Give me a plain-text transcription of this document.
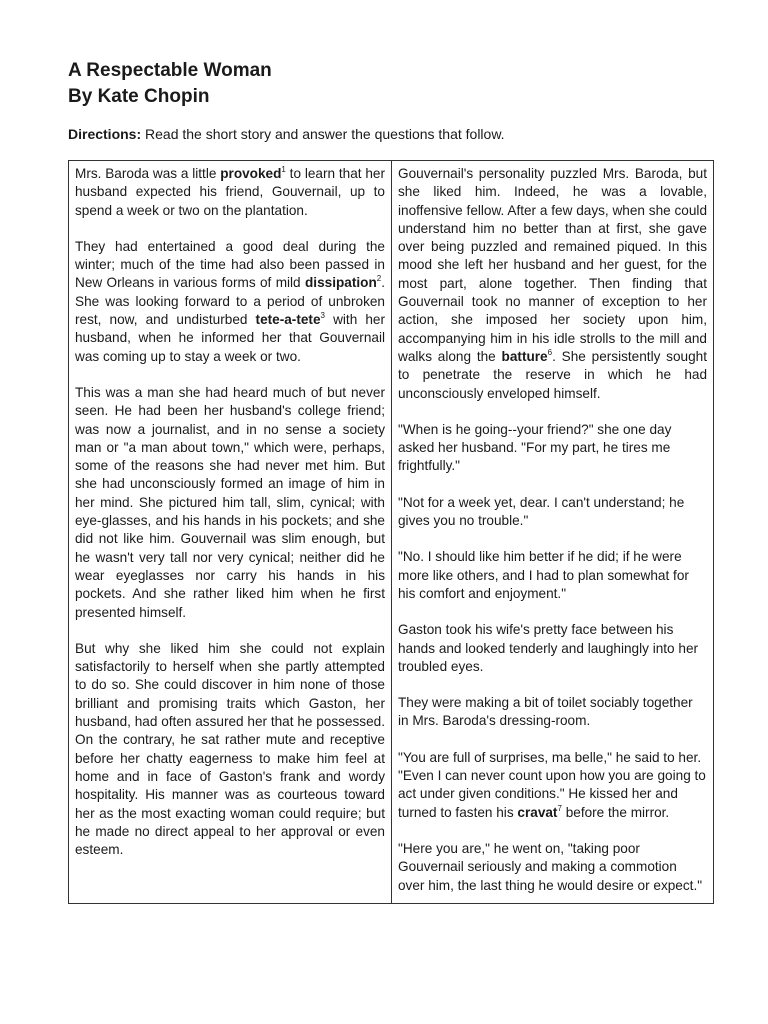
A Respectable Woman
By Kate Chopin

Directions: Read the short story and answer the questions that follow.

Mrs. Baroda was a little provoked$^1$ to learn that her husband expected his friend, Gouvernail, up to spend a week or two on the plantation.

They had entertained a good deal during the winter; much of the time had also been passed in New Orleans in various forms of mild dissipation$^2$. She was looking forward to a period of unbroken rest, now, and undisturbed tete-a-tete$^3$ with her husband, when he informed her that Gouvernail was coming up to stay a week or two.

This was a man she had heard much of but never seen. He had been her husband's college friend; was now a journalist, and in no sense a society man or "a man about town," which were, perhaps, some of the reasons she had never met him. But she had unconsciously formed an image of him in her mind. She pictured him tall, slim, cynical; with eye-glasses, and his hands in his pockets; and she did not like him. Gouvernail was slim enough, but he wasn't very tall nor very cynical; neither did he wear eyeglasses nor carry his hands in his pockets. And she rather liked him when he first presented himself.

But why she liked him she could not explain satisfactorily to herself when she partly attempted to do so. She could discover in him none of those brilliant and promising traits which Gaston, her husband, had often assured her that he possessed. On the contrary, he sat rather mute and receptive before her chatty eagerness to make him feel at home and in face of Gaston's frank and wordy hospitality. His manner was as courteous toward her as the most exacting woman could require; but he made no direct appeal to her approval or even esteem.

Gouvernail's personality puzzled Mrs. Baroda, but she liked him. Indeed, he was a lovable, inoffensive fellow. After a few days, when she could understand him no better than at first, she gave over being puzzled and remained piqued. In this mood she left her husband and her guest, for the most part, alone together. Then finding that Gouvernail took no manner of exception to her action, she imposed her society upon him, accompanying him in his idle strolls to the mill and walks along the batture$^6$. She persistently sought to penetrate the reserve in which he had unconsciously enveloped himself.

"When is he going--your friend?" she one day asked her husband. "For my part, he tires me frightfully."

"Not for a week yet, dear. I can't understand; he gives you no trouble."

"No. I should like him better if he did; if he were more like others, and I had to plan somewhat for his comfort and enjoyment."

Gaston took his wife's pretty face between his hands and looked tenderly and laughingly into her troubled eyes.

They were making a bit of toilet sociably together in Mrs. Baroda's dressing-room.

"You are full of surprises, ma belle," he said to her. "Even I can never count upon how you are going to act under given conditions." He kissed her and turned to fasten his cravat$^7$ before the mirror.

"Here you are," he went on, "taking poor Gouvernail seriously and making a commotion over him, the last thing he would desire or expect."
